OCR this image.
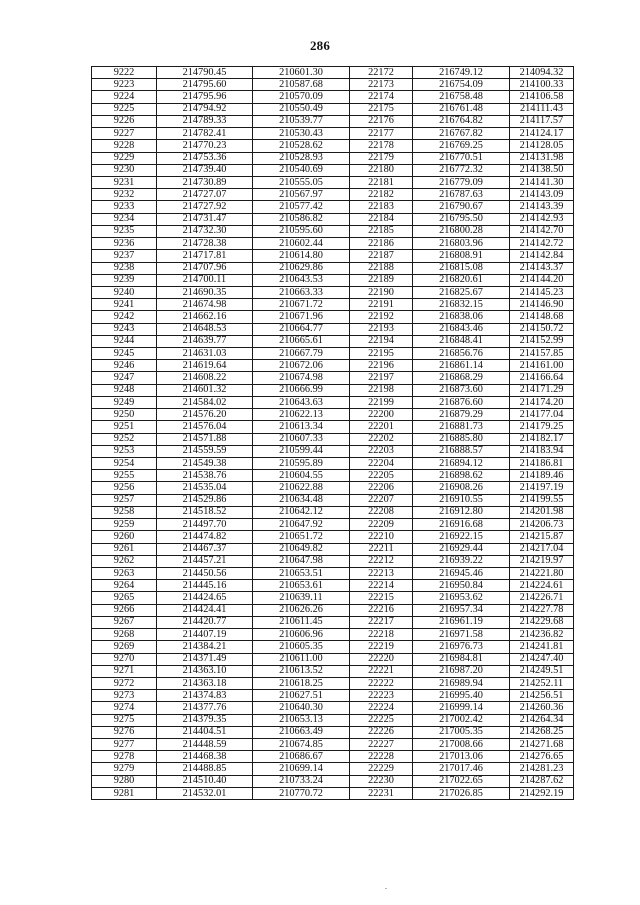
286
9222	214790.45	210601.30	22172	216749.12	214094.32
9223	214795.60	210587.68	22173	216754.09	214100.33
9224	214795.96	210570.09	22174	216758.48	214106.58
9225	214794.92	210550.49	22175	216761.48	214111.43
9226	214789.33	210539.77	22176	216764.82	214117.57
9227	214782.41	210530.43	22177	216767.82	214124.17
9228	214770.23	210528.62	22178	216769.25	214128.05
9229	214753.36	210528.93	22179	216770.51	214131.98
9230	214739.40	210540.69	22180	216772.32	214138.50
9231	214730.89	210555.05	22181	216779.09	214141.30
9232	214727.07	210567.97	22182	216787.63	214143.09
9233	214727.92	210577.42	22183	216790.67	214143.39
9234	214731.47	210586.82	22184	216795.50	214142.93
9235	214732.30	210595.60	22185	216800.28	214142.70
9236	214728.38	210602.44	22186	216803.96	214142.72
9237	214717.81	210614.80	22187	216808.91	214142.84
9238	214707.96	210629.86	22188	216815.08	214143.37
9239	214700.11	210643.53	22189	216820.61	214144.20
9240	214690.35	210663.33	22190	216825.67	214145.23
9241	214674.98	210671.72	22191	216832.15	214146.90
9242	214662.16	210671.96	22192	216838.06	214148.68
9243	214648.53	210664.77	22193	216843.46	214150.72
9244	214639.77	210665.61	22194	216848.41	214152.99
9245	214631.03	210667.79	22195	216856.76	214157.85
9246	214619.64	210672.06	22196	216861.14	214161.00
9247	214608.22	210674.98	22197	216868.29	214166.64
9248	214601.32	210666.99	22198	216873.60	214171.29
9249	214584.02	210643.63	22199	216876.60	214174.20
9250	214576.20	210622.13	22200	216879.29	214177.04
9251	214576.04	210613.34	22201	216881.73	214179.25
9252	214571.88	210607.33	22202	216885.80	214182.17
9253	214559.59	210599.44	22203	216888.57	214183.94
9254	214549.38	210595.89	22204	216894.12	214186.81
9255	214538.76	210604.55	22205	216898.62	214189.46
9256	214535.04	210622.88	22206	216908.26	214197.19
9257	214529.86	210634.48	22207	216910.55	214199.55
9258	214518.52	210642.12	22208	216912.80	214201.98
9259	214497.70	210647.92	22209	216916.68	214206.73
9260	214474.82	210651.72	22210	216922.15	214215.87
9261	214467.37	210649.82	22211	216929.44	214217.04
9262	214457.21	210647.98	22212	216939.22	214219.97
9263	214450.56	210653.51	22213	216945.46	214221.80
9264	214445.16	210653.61	22214	216950.84	214224.61
9265	214424.65	210639.11	22215	216953.62	214226.71
9266	214424.41	210626.26	22216	216957.34	214227.78
9267	214420.77	210611.45	22217	216961.19	214229.68
9268	214407.19	210606.96	22218	216971.58	214236.82
9269	214384.21	210605.35	22219	216976.73	214241.81
9270	214371.49	210611.00	22220	216984.81	214247.40
9271	214363.10	210613.52	22221	216987.20	214249.51
9272	214363.18	210618.25	22222	216989.94	214252.11
9273	214374.83	210627.51	22223	216995.40	214256.51
9274	214377.76	210640.30	22224	216999.14	214260.36
9275	214379.35	210653.13	22225	217002.42	214264.34
9276	214404.51	210663.49	22226	217005.35	214268.25
9277	214448.59	210674.85	22227	217008.66	214271.68
9278	214468.38	210686.67	22228	217013.06	214276.65
9279	214488.85	210699.14	22229	217017.46	214281.23
9280	214510.40	210733.24	22230	217022.65	214287.62
9281	214532.01	210770.72	22231	217026.85	214292.19
.
